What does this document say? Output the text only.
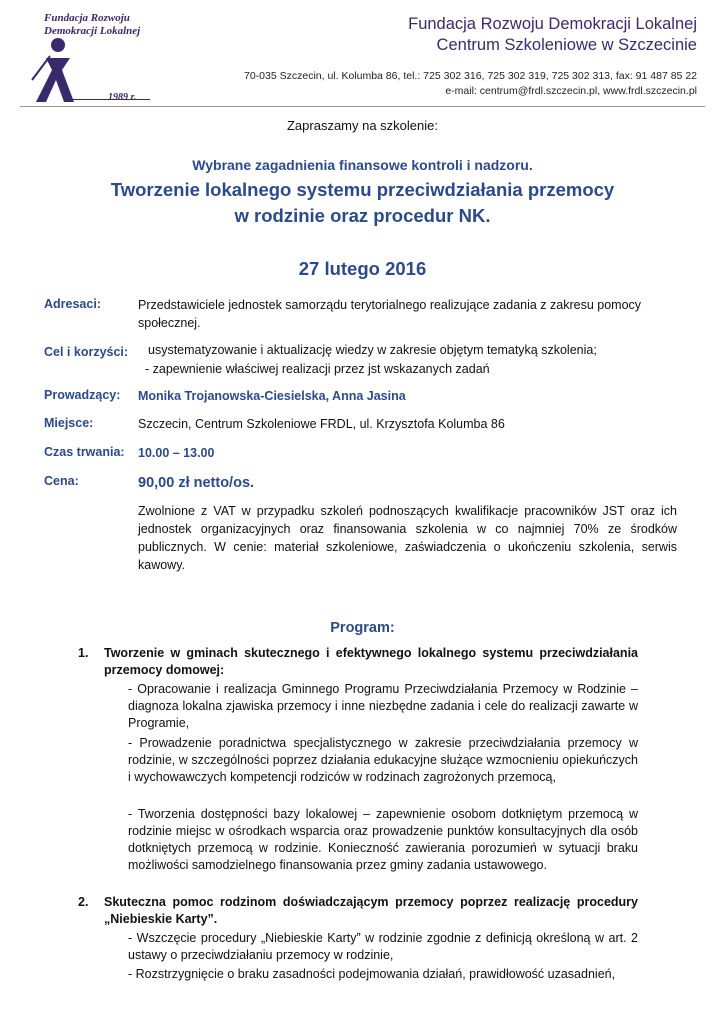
Fundacja Rozwoju
Demokracji Lokalnej
1989 r.
Fundacja Rozwoju Demokracji Lokalnej
Centrum Szkoleniowe w Szczecinie
70-035 Szczecin, ul. Kolumba 86, tel.: 725 302 316, 725 302 319, 725 302 313, fax: 91 487 85 22
e-mail: centrum@frdl.szczecin.pl, www.frdl.szczecin.pl
Zapraszamy na szkolenie:
Wybrane zagadnienia finansowe kontroli i nadzoru.
Tworzenie lokalnego systemu przeciwdziałania przemocy
w rodzinie oraz procedur NK.
27 lutego 2016
Adresaci:	Przedstawiciele jednostek samorządu terytorialnego realizujące zadania z zakresu pomocy społecznej.
Cel i korzyści: usystematyzowanie i aktualizację wiedzy w zakresie objętym tematyką szkolenia;
- zapewnienie właściwej realizacji przez jst wskazanych zadań
Prowadzący: Monika Trojanowska-Ciesielska, Anna Jasina
Miejsce:	Szczecin, Centrum Szkoleniowe FRDL, ul. Krzysztofa Kolumba 86
Czas trwania: 10.00 – 13.00
Cena:	90,00 zł netto/os.
Zwolnione z VAT w przypadku szkoleń podnoszących kwalifikacje pracowników JST oraz ich jednostek organizacyjnych oraz finansowania szkolenia w co najmniej 70% ze środków publicznych. W cenie: materiał szkoleniowe, zaświadczenia o ukończeniu szkolenia, serwis kawowy.
Program:
1. Tworzenie w gminach skutecznego i efektywnego lokalnego systemu przeciwdziałania przemocy domowej:
- Opracowanie i realizacja Gminnego Programu Przeciwdziałania Przemocy w Rodzinie – diagnoza lokalna zjawiska przemocy i inne niezbędne zadania i cele do realizacji zawarte w Programie,
- Prowadzenie poradnictwa specjalistycznego w zakresie przeciwdziałania przemocy w rodzinie, w szczególności poprzez działania edukacyjne służące wzmocnieniu opiekuńczych i wychowawczych kompetencji rodziców w rodzinach zagrożonych przemocą,
- Tworzenia dostępności bazy lokalowej – zapewnienie osobom dotkniętym przemocą w rodzinie miejsc w ośrodkach wsparcia oraz prowadzenie punktów konsultacyjnych dla osób dotkniętych przemocą w rodzinie. Konieczność zawierania porozumień w sytuacji braku możliwości samodzielnego finansowania przez gminy zadania ustawowego.
2. Skuteczna pomoc rodzinom doświadczającym przemocy poprzez realizację procedury „Niebieskie Karty”.
- Wszczęcie procedury „Niebieskie Karty” w rodzinie zgodnie z definicją określoną w art. 2 ustawy o przeciwdziałaniu przemocy w rodzinie,
- Rozstrzygnięcie o braku zasadności podejmowania działań, prawidłowość uzasadnień,
